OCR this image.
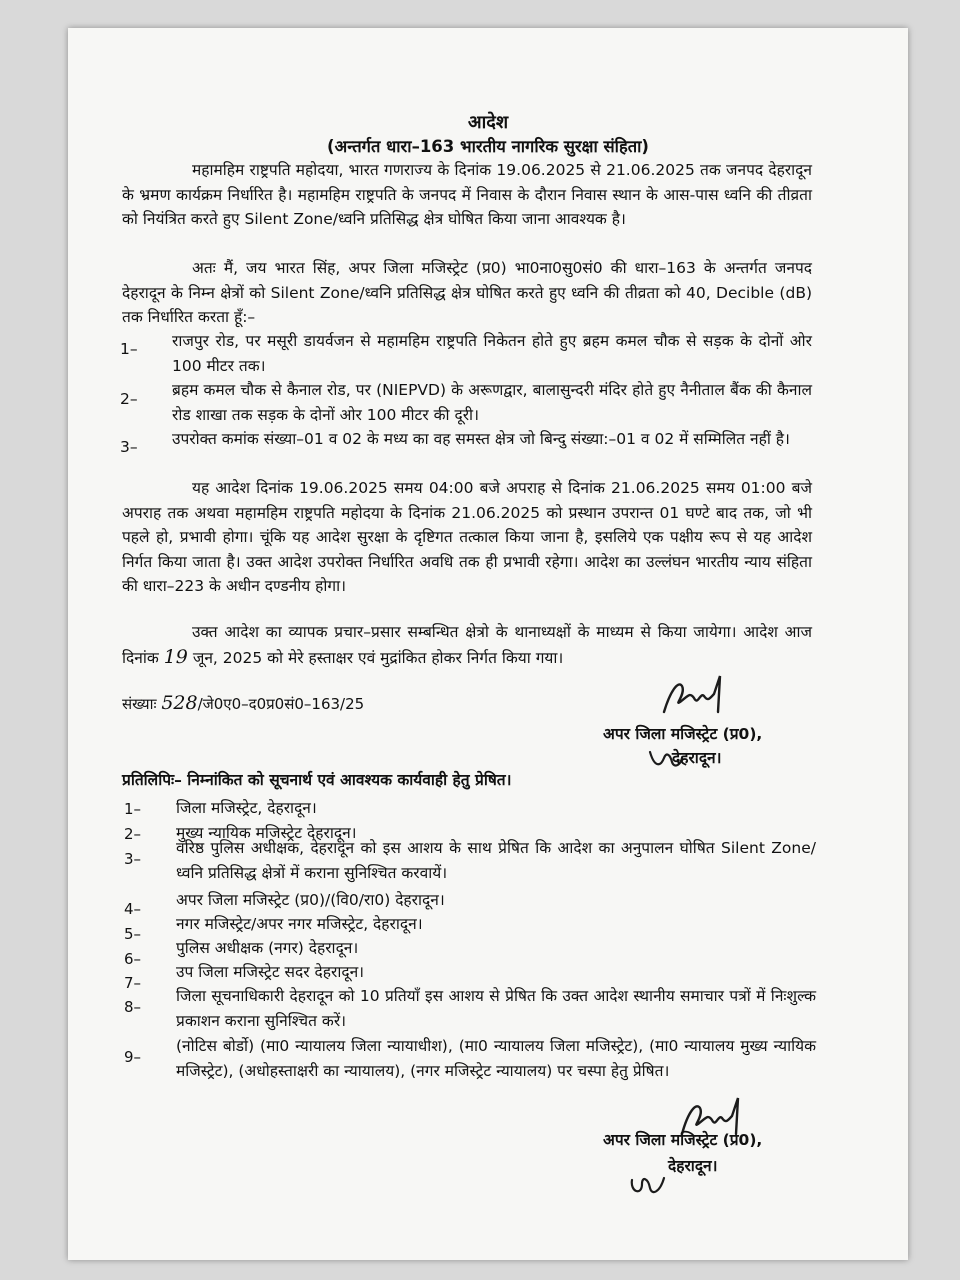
आदेश
(अन्तर्गत धारा–163 भारतीय नागरिक सुरक्षा संहिता)
महामहिम राष्ट्रपति महोदया, भारत गणराज्य के दिनांक 19.06.2025 से 21.06.2025 तक जनपद देहरादून के भ्रमण कार्यक्रम निर्धारित है। महामहिम राष्ट्रपति के जनपद में निवास के दौरान निवास स्थान के आस-पास ध्वनि की तीव्रता को नियंत्रित करते हुए Silent Zone/ध्वनि प्रतिसिद्ध क्षेत्र घोषित किया जाना आवश्यक है।
अतः मैं, जय भारत सिंह, अपर जिला मजिस्ट्रेट (प्र0) भा0ना0सु0सं0 की धारा–163 के अन्तर्गत जनपद देहरादून के निम्न क्षेत्रों को Silent Zone/ध्वनि प्रतिसिद्ध क्षेत्र घोषित करते हुए ध्वनि की तीव्रता को 40, Decible (dB) तक निर्धारित करता हूँ:–
1– राजपुर रोड, पर मसूरी डायर्वजन से महामहिम राष्ट्रपति निकेतन होते हुए ब्रहम कमल चौक से सड़क के दोनों ओर 100 मीटर तक।
2– ब्रहम कमल चौक से कैनाल रोड, पर (NIEPVD) के अरूणद्वार, बालासुन्दरी मंदिर होते हुए नैनीताल बैंक की कैनाल रोड शाखा तक सड़क के दोनों ओर 100 मीटर की दूरी।
3– उपरोक्त कमांक संख्या–01 व 02 के मध्य का वह समस्त क्षेत्र जो बिन्दु संख्या:–01 व 02 में सम्मिलित नहीं है।
यह आदेश दिनांक 19.06.2025 समय 04:00 बजे अपराह से दिनांक 21.06.2025 समय 01:00 बजे अपराह तक अथवा महामहिम राष्ट्रपति महोदया के दिनांक 21.06.2025 को प्रस्थान उपरान्त 01 घण्टे बाद तक, जो भी पहले हो, प्रभावी होगा। चूंकि यह आदेश सुरक्षा के दृष्टिगत तत्काल किया जाना है, इसलिये एक पक्षीय रूप से यह आदेश निर्गत किया जाता है। उक्त आदेश उपरोक्त निर्धारित अवधि तक ही प्रभावी रहेगा। आदेश का उल्लंघन भारतीय न्याय संहिता की धारा–223 के अधीन दण्डनीय होगा।
उक्त आदेश का व्यापक प्रचार–प्रसार सम्बन्धित क्षेत्रो के थानाध्यक्षों के माध्यम से किया जायेगा। आदेश आज दिनांक 19 जून, 2025 को मेरे हस्ताक्षर एवं मुद्रांकित होकर निर्गत किया गया।
संख्याः 528/जे0ए0–द0प्र0सं0–163/25
अपर जिला मजिस्ट्रेट (प्र0),
देहरादून।
प्रतिलिपिः– निम्नांकित को सूचनार्थ एवं आवश्यक कार्यवाही हेतु प्रेषित।
1– जिला मजिस्ट्रेट, देहरादून।
2– मुख्य न्यायिक मजिस्ट्रेट देहरादून।
3–
वरिष्ठ पुलिस अधीक्षक, देहरादून को इस आशय के साथ प्रेषित कि आदेश का अनुपालन घोषित Silent Zone/ध्वनि प्रतिसिद्ध क्षेत्रों में कराना सुनिश्चित करवायें।
4– अपर जिला मजिस्ट्रेट (प्र0)/(वि0/रा0) देहरादून।
5–
नगर मजिस्ट्रेट/अपर नगर मजिस्ट्रेट, देहरादून।
6–
पुलिस अधीक्षक (नगर) देहरादून।
7–
उप जिला मजिस्ट्रेट सदर देहरादून।
8–
जिला सूचनाधिकारी देहरादून को 10 प्रतियाँ इस आशय से प्रेषित कि उक्त आदेश स्थानीय समाचार पत्रों में निःशुल्क प्रकाशन कराना सुनिश्चित करें।
9–
(नोटिस बोर्डो) (मा0 न्यायालय जिला न्यायाधीश), (मा0 न्यायालय जिला मजिस्ट्रेट), (मा0 न्यायालय मुख्य न्यायिक मजिस्ट्रेट), (अधोहस्ताक्षरी का न्यायालय), (नगर मजिस्ट्रेट न्यायालय) पर चस्पा हेतु प्रेषित।
अपर जिला मजिस्ट्रेट (प्र0),
देहरादून।
